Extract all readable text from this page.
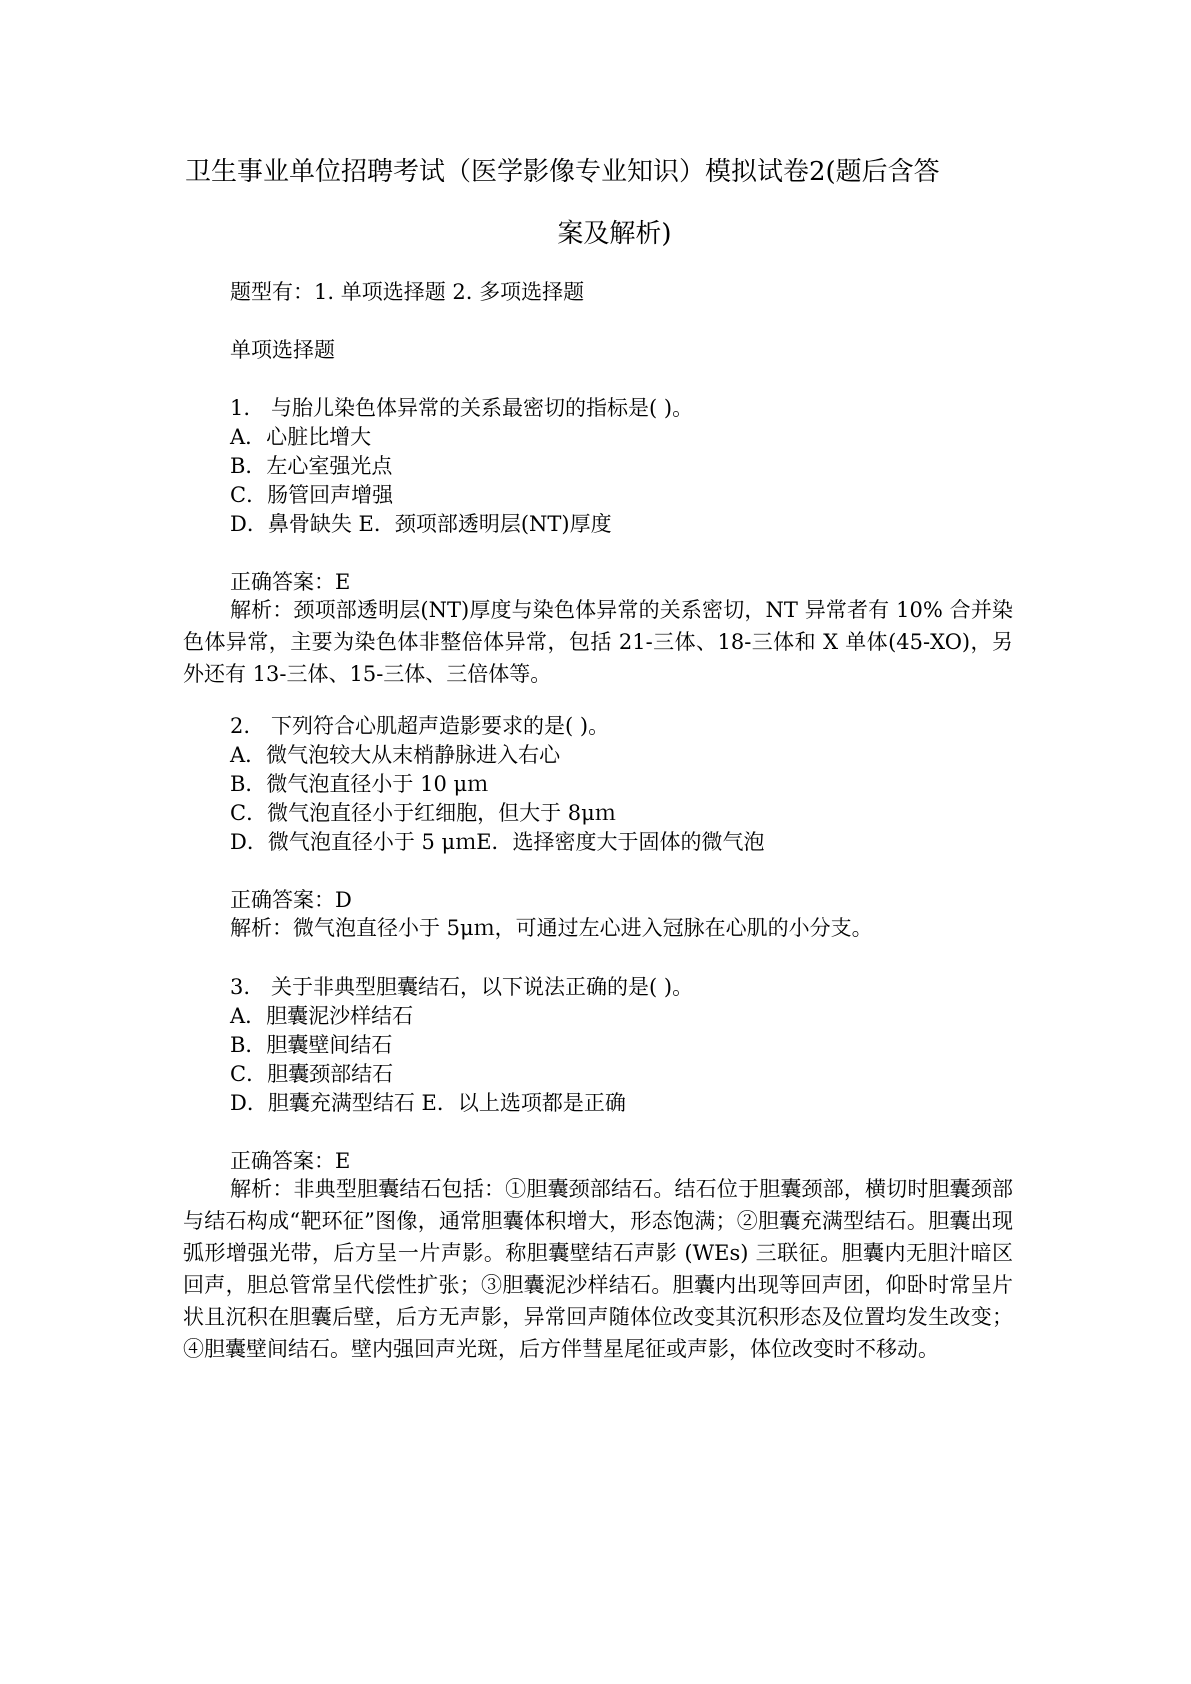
卫生事业单位招聘考试（医学影像专业知识）模拟试卷2(题后含答
案及解析)
题型有：1. 单项选择题 2. 多项选择题
单项选择题
1.　与胎儿染色体异常的关系最密切的指标是( )。
A．心脏比增大
B．左心室强光点
C．肠管回声增强
D．鼻骨缺失 E．颈项部透明层(NT)厚度
正确答案：E
解析：颈项部透明层(NT)厚度与染色体异常的关系密切，NT 异常者有 10% 合并染色体异常，主要为染色体非整倍体异常，包括 21-三体、18-三体和 X 单体(45-XO)，另外还有 13-三体、15-三体、三倍体等。
2.　下列符合心肌超声造影要求的是( )。
A．微气泡较大从末梢静脉进入右心
B．微气泡直径小于 10 μｍ
C．微气泡直径小于红细胞，但大于 8μｍ
D．微气泡直径小于 5 μｍE．选择密度大于固体的微气泡
正确答案：D
解析：微气泡直径小于 5μｍ，可通过左心进入冠脉在心肌的小分支。
3.　关于非典型胆囊结石，以下说法正确的是( )。
A．胆囊泥沙样结石
B．胆囊壁间结石
C．胆囊颈部结石
D．胆囊充满型结石 E．以上选项都是正确
正确答案：E
解析：非典型胆囊结石包括：①胆囊颈部结石。结石位于胆囊颈部，横切时胆囊颈部与结石构成“靶环征”图像，通常胆囊体积增大，形态饱满；②胆囊充满型结石。胆囊出现弧形增强光带，后方呈一片声影。称胆囊壁结石声影 (WEs) 三联征。胆囊内无胆汁暗区回声，胆总管常呈代偿性扩张；③胆囊泥沙样结石。胆囊内出现等回声团，仰卧时常呈片状且沉积在胆囊后壁，后方无声影，异常回声随体位改变其沉积形态及位置均发生改变；④胆囊壁间结石。壁内强回声光斑，后方伴彗星尾征或声影，体位改变时不移动。
